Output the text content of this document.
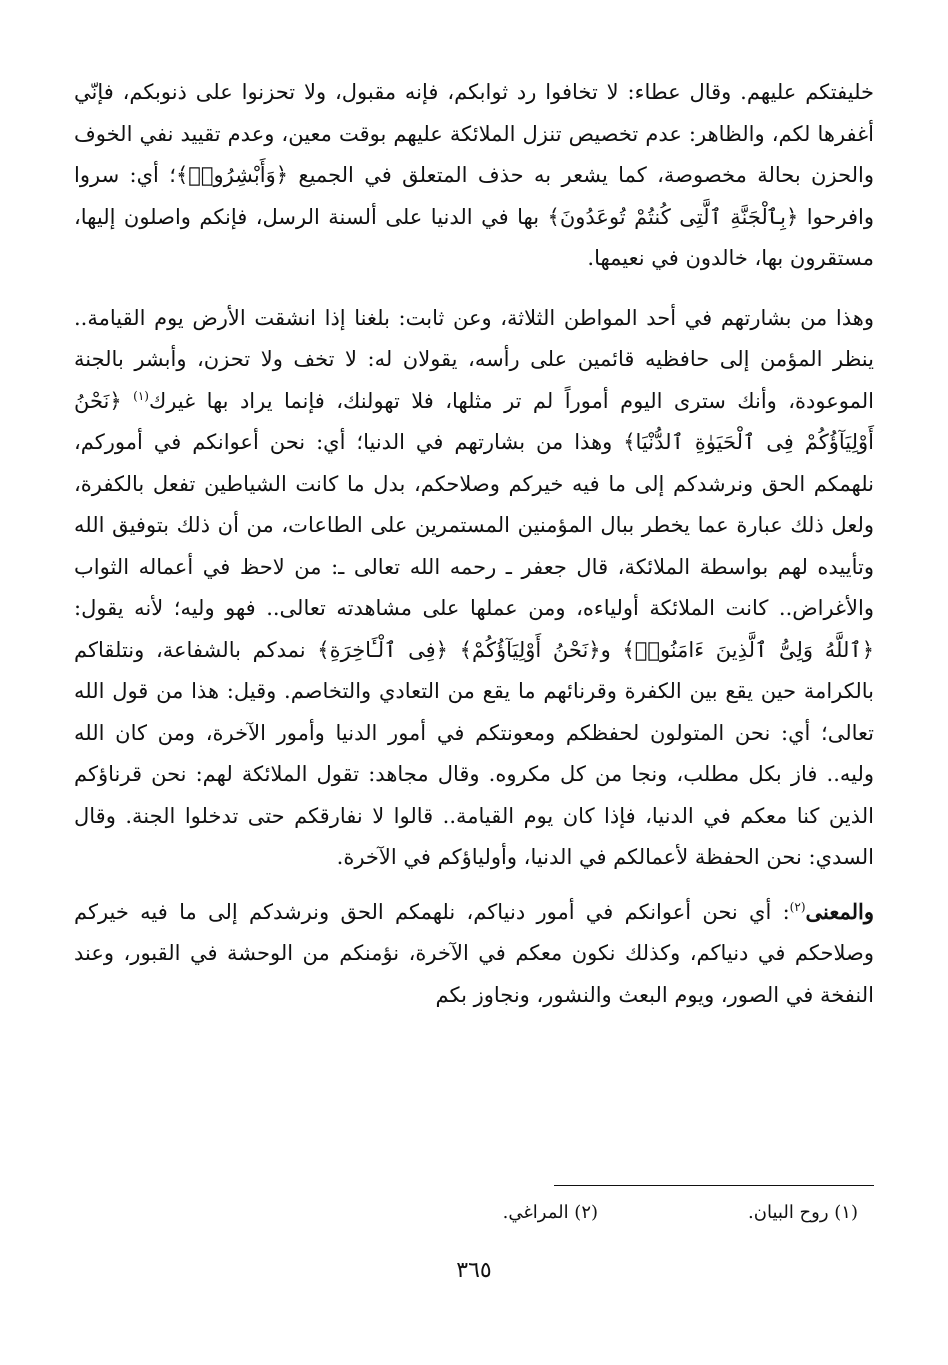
خليفتكم عليهم. وقال عطاء: لا تخافوا رد ثوابكم، فإنه مقبول، ولا تحزنوا على ذنوبكم، فإنّي أغفرها لكم، والظاهر: عدم تخصيص تنزل الملائكة عليهم بوقت معين، وعدم تقييد نفي الخوف والحزن بحالة مخصوصة، كما يشعر به حذف المتعلق في الجميع ﴿وَأَبْشِرُوا۟﴾؛ أي: سروا وافرحوا ﴿بِٱلْجَنَّةِ ٱلَّتِى كُنتُمْ تُوعَدُونَ﴾ بها في الدنيا على ألسنة الرسل، فإنكم واصلون إليها، مستقرون بها، خالدون في نعيمها.

وهذا من بشارتهم في أحد المواطن الثلاثة، وعن ثابت: بلغنا إذا انشقت الأرض يوم القيامة.. ينظر المؤمن إلى حافظيه قائمين على رأسه، يقولان له: لا تخف ولا تحزن، وأبشر بالجنة الموعودة، وأنك سترى اليوم أموراً لم تر مثلها، فلا تهولنك، فإنما يراد بها غيرك$^{(١)}$ ﴿نَحْنُ أَوْلِيَآؤُكُمْ فِى ٱلْحَيَوٰةِ ٱلدُّنْيَا﴾ وهذا من بشارتهم في الدنيا؛ أي: نحن أعوانكم في أموركم، نلهمكم الحق ونرشدكم إلى ما فيه خيركم وصلاحكم، بدل ما كانت الشياطين تفعل بالكفرة، ولعل ذلك عبارة عما يخطر ببال المؤمنين المستمرين على الطاعات، من أن ذلك بتوفيق الله وتأييده لهم بواسطة الملائكة، قال جعفر ـ رحمه الله تعالى ـ: من لاحظ في أعماله الثواب والأغراض.. كانت الملائكة أولياءه، ومن عملها على مشاهدته تعالى.. فهو وليه؛ لأنه يقول: ﴿ٱللَّهُ وَلِىُّ ٱلَّذِينَ ءَامَنُوا۟﴾ و﴿نَحْنُ أَوْلِيَآؤُكُمْ﴾ ﴿فِى ٱلْـَٔاخِرَةِ﴾ نمدكم بالشفاعة، ونتلقاكم بالكرامة حين يقع بين الكفرة وقرنائهم ما يقع من التعادي والتخاصم. وقيل: هذا من قول الله تعالى؛ أي: نحن المتولون لحفظكم ومعونتكم في أمور الدنيا وأمور الآخرة، ومن كان الله وليه.. فاز بكل مطلب، ونجا من كل مكروه. وقال مجاهد: تقول الملائكة لهم: نحن قرناؤكم الذين كنا معكم في الدنيا، فإذا كان يوم القيامة.. قالوا لا نفارقكم حتى تدخلوا الجنة. وقال السدي: نحن الحفظة لأعمالكم في الدنيا، وأولياؤكم في الآخرة.

والمعنى$^{(٢)}$: أي نحن أعوانكم في أمور دنياكم، نلهمكم الحق ونرشدكم إلى ما فيه خيركم وصلاحكم في دنياكم، وكذلك نكون معكم في الآخرة، نؤمنكم من الوحشة في القبور، وعند النفخة في الصور، ويوم البعث والنشور، ونجاوز بكم

(١) روح البيان.
(٢) المراغي.
٣٦٥
